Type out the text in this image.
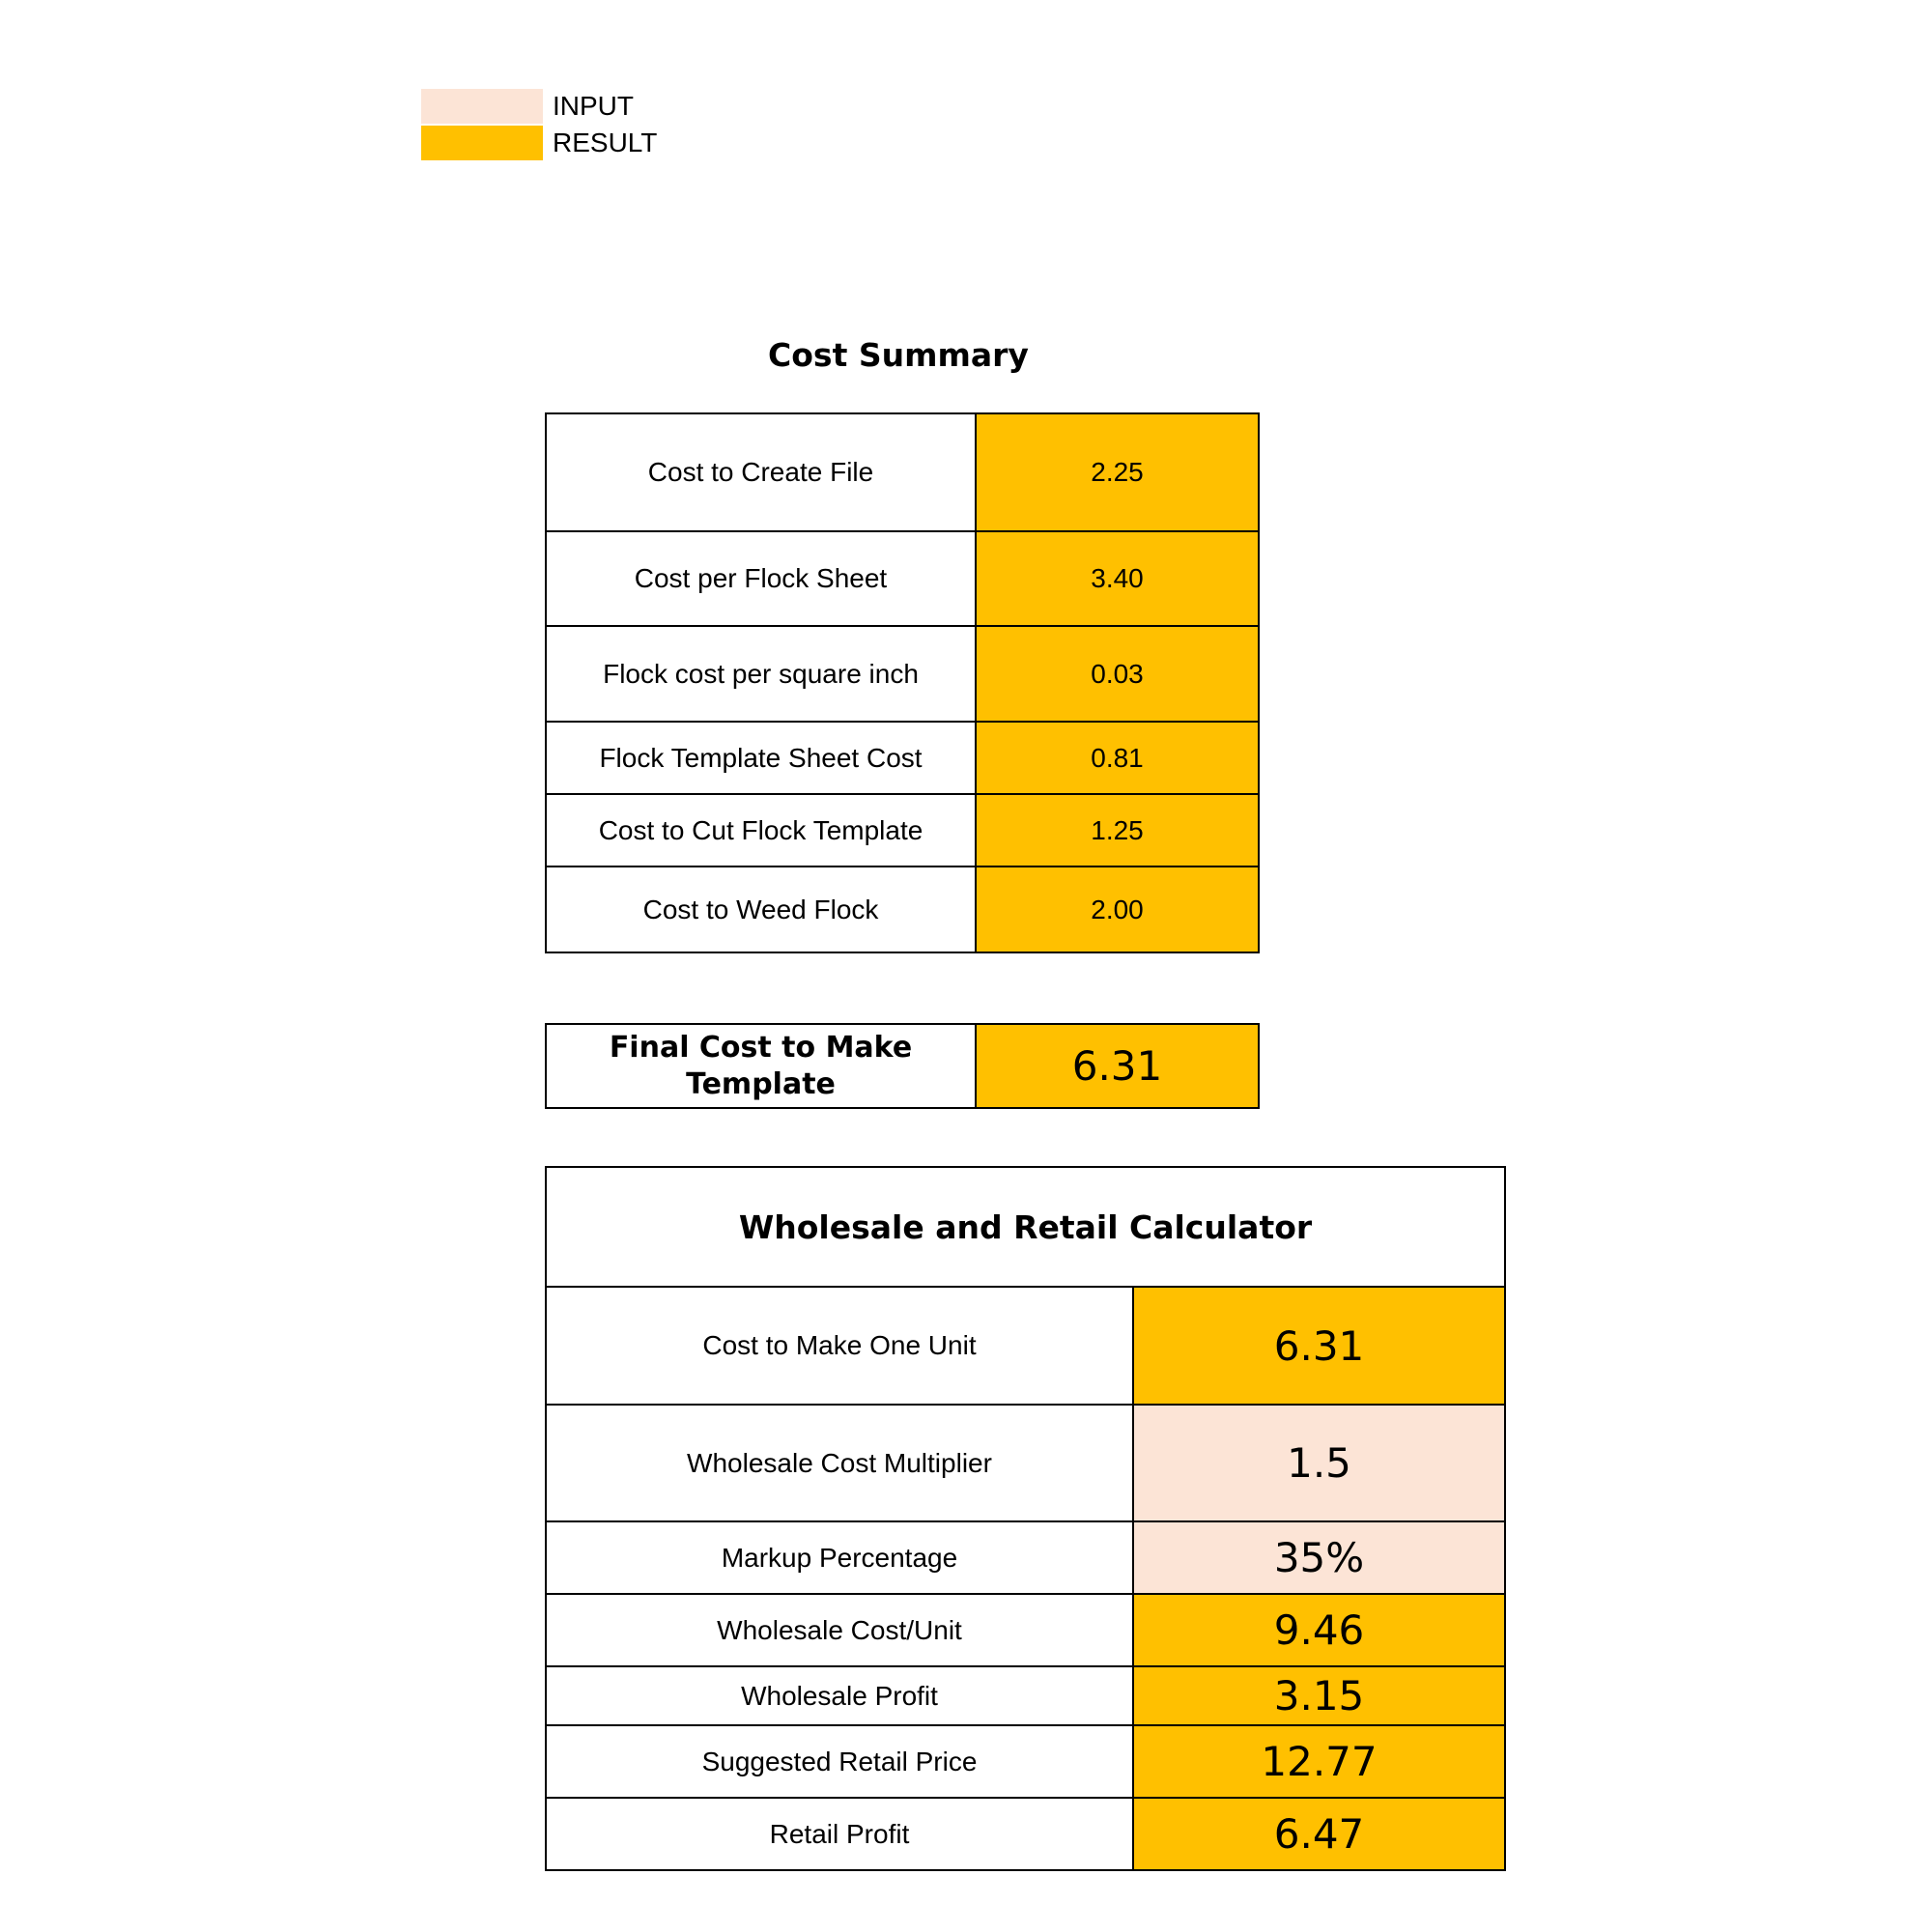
INPUT
RESULT
Cost Summary
Cost to Create File	2.25
Cost per Flock Sheet	3.40
Flock cost per square inch	0.03
Flock Template Sheet Cost	0.81
Cost to Cut Flock Template	1.25
Cost to Weed Flock	2.00
Final Cost to Make Template	6.31
Wholesale and Retail Calculator	
Cost to Make One Unit	6.31
Wholesale Cost Multiplier	1.5
Markup Percentage	35%
Wholesale Cost/Unit	9.46
Wholesale Profit	3.15
Suggested Retail Price	12.77
Retail Profit	6.47
